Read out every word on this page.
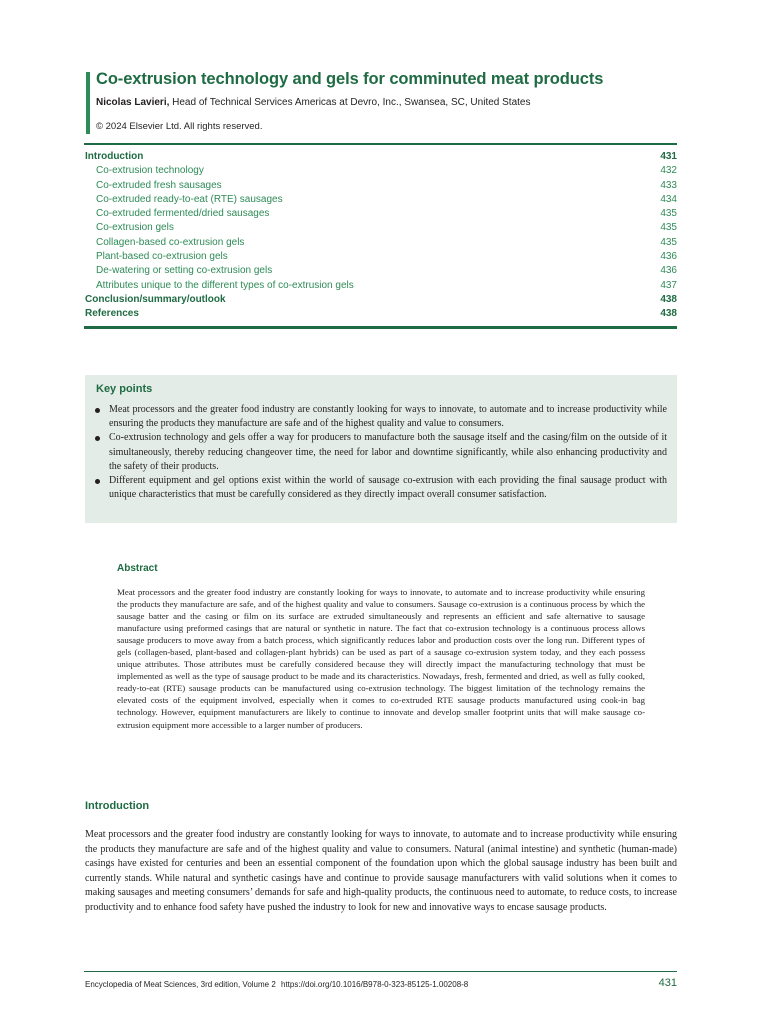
Co-extrusion technology and gels for comminuted meat products

Nicolas Lavieri, Head of Technical Services Americas at Devro, Inc., Swansea, SC, United States

© 2024 Elsevier Ltd. All rights reserved.

Introduction	431
Co-extrusion technology	432
Co-extruded fresh sausages	433
Co-extruded ready-to-eat (RTE) sausages	434
Co-extruded fermented/dried sausages	435
Co-extrusion gels	435
Collagen-based co-extrusion gels	435
Plant-based co-extrusion gels	436
De-watering or setting co-extrusion gels	436
Attributes unique to the different types of co-extrusion gels	437
Conclusion/summary/outlook	438
References	438
Key points
Meat processors and the greater food industry are constantly looking for ways to innovate, to automate and to increase productivity while ensuring the products they manufacture are safe and of the highest quality and value to consumers.
Co-extrusion technology and gels offer a way for producers to manufacture both the sausage itself and the casing/film on the outside of it simultaneously, thereby reducing changeover time, the need for labor and downtime significantly, while also enhancing productivity and the safety of their products.
Different equipment and gel options exist within the world of sausage co-extrusion with each providing the final sausage product with unique characteristics that must be carefully considered as they directly impact overall consumer satisfaction.
Abstract

Meat processors and the greater food industry are constantly looking for ways to innovate, to automate and to increase productivity while ensuring the products they manufacture are safe, and of the highest quality and value to consumers. Sausage co-extrusion is a continuous process by which the sausage batter and the casing or film on its surface are extruded simultaneously and represents an efficient and safe alternative to sausage manufacture using preformed casings that are natural or synthetic in nature. The fact that co-extrusion technology is a continuous process allows sausage producers to move away from a batch process, which significantly reduces labor and production costs over the long run. Different types of gels (collagen-based, plant-based and collagen-plant hybrids) can be used as part of a sausage co-extrusion system today, and they each possess unique attributes. Those attributes must be carefully considered because they will directly impact the manufacturing technology that must be implemented as well as the type of sausage product to be made and its characteristics. Nowadays, fresh, fermented and dried, as well as fully cooked, ready-to-eat (RTE) sausage products can be manufactured using co-extrusion technology. The biggest limitation of the technology remains the elevated costs of the equipment involved, especially when it comes to co-extruded RTE sausage products manufactured using cook-in bag technology. However, equipment manufacturers are likely to continue to innovate and develop smaller footprint units that will make sausage co-extrusion equipment more accessible to a larger number of producers.

Introduction

Meat processors and the greater food industry are constantly looking for ways to innovate, to automate and to increase productivity while ensuring the products they manufacture are safe and of the highest quality and value to consumers. Natural (animal intestine) and synthetic (human-made) casings have existed for centuries and been an essential component of the foundation upon which the global sausage industry has been built and currently stands. While natural and synthetic casings have and continue to provide sausage manufacturers with valid solutions when it comes to making sausages and meeting consumers’ demands for safe and high-quality products, the continuous need to automate, to reduce costs, to increase productivity and to enhance food safety have pushed the industry to look for new and innovative ways to encase sausage products.

Encyclopedia of Meat Sciences, 3rd edition, Volume 2 https://doi.org/10.1016/B978-0-323-85125-1.00208-8	431
